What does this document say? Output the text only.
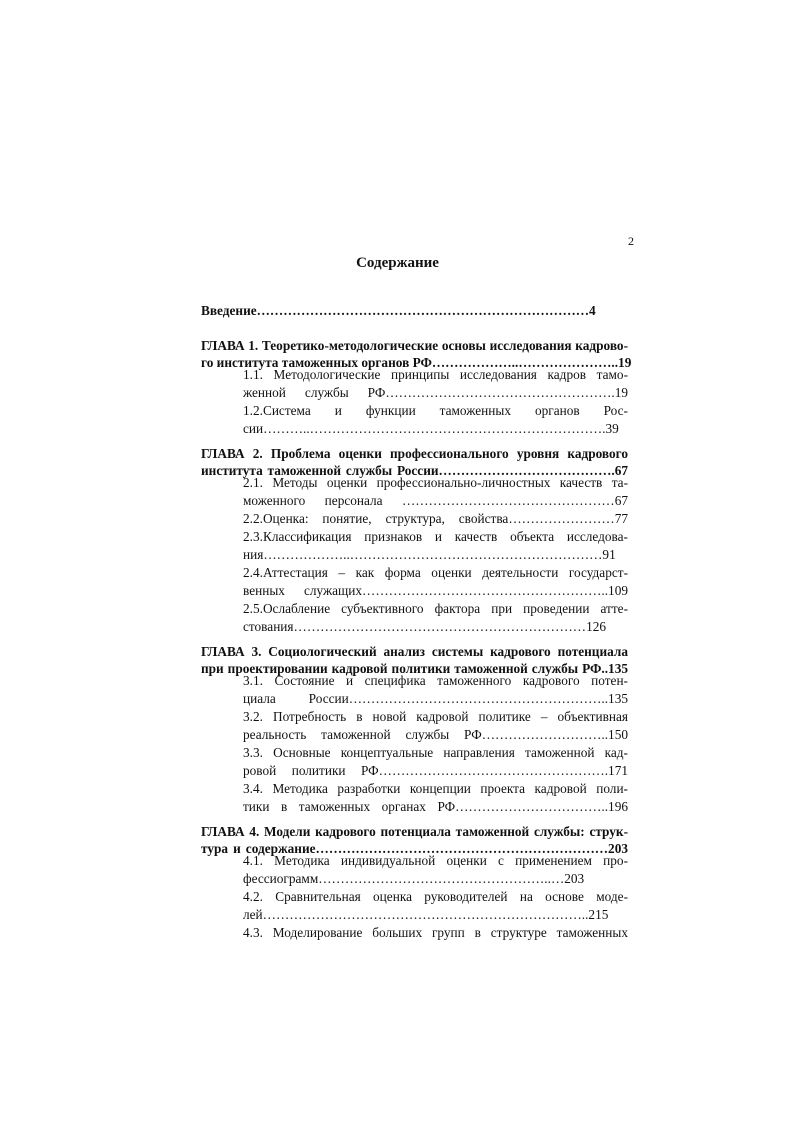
2
Содержание

Введение…………………………………………………………………4

ГЛАВА 1. Теоретико-методологические основы исследования кадрово-

го института таможенных органов РФ………………..…………………..19

1.1. Методологические принципы исследования кадров тамо-

женной службы РФ…………………………………………….19

1.2.Система и функции таможенных органов Рос-

сии………..………………………………………………………….39

ГЛАВА 2. Проблема оценки профессионального уровня кадрового

института таможенной службы России………………………………….67

2.1. Методы оценки профессионально-личностных качеств та-

моженного персонала …………………………………………67

2.2.Оценка: понятие, структура, свойства……………………77

2.3.Классификация признаков и качеств объекта исследова-

ния………………..…………………………………………………91

2.4.Аттестация – как форма оценки деятельности государст-

венных служащих………………………………………………..109

2.5.Ослабление субъективного фактора при проведении атте-

стования…………………………………………………………126

ГЛАВА 3. Социологический анализ системы кадрового потенциала

при проектировании кадровой политики таможенной службы РФ..135

3.1. Состояние и специфика таможенного кадрового потен-

циала России…………………………………………………..135

3.2. Потребность в новой кадровой политике – объективная

реальность таможенной службы РФ………………………..150

3.3. Основные концептуальные направления таможенной кад-

ровой политики РФ…………………………………………….171

3.4. Методика разработки концепции проекта кадровой поли-

тики в таможенных органах РФ……………………………..196

ГЛАВА 4. Модели кадрового потенциала таможенной службы: струк-

тура и содержание…………………………………………………………203

4.1. Методика индивидуальной оценки с применением про-

фессиограмм……………………………………………..…203

4.2. Сравнительная оценка руководителей на основе моде-

лей………………………………………………………………..215

4.3. Моделирование больших групп в структуре таможенных
